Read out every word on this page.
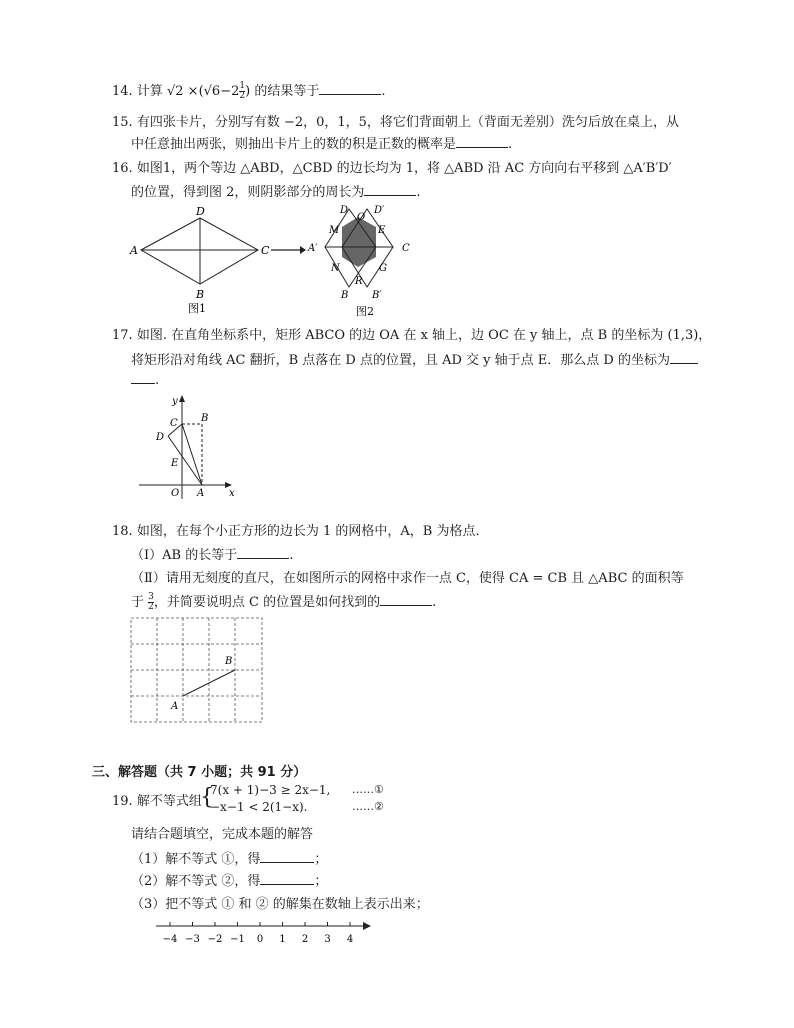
14. 计算 $√2 \times(√6-2 \frac{1}{2}$ ) 的结果等于	.
15. 有四张卡片，分别写有数 −2，0，1，5，将它们背面朝上（背面无差别）洗匀后放在桌上，从
中任意抽出两张，则抽出卡片上的数的积是正数的概率是	.
16. 如图1，两个等边 △ABD，△CBD 的边长均为 1，将 △ABD 沿 AC 方向向右平移到 △A′B′D′
的位置，得到图 2，则阴影部分的周长为	.
D
A	C
B
图1
D
O
D′
M	E
A′	C
N	G
R
B B′
图2
17. 如图. 在直角坐标系中，矩形 ABCO 的边 OA 在 x 轴上，边 OC 在 y 轴上，点 B 的坐标为 (1,3)，
将矩形沿对角线 AC 翻折，B 点落在 D 点的位置，且 AD 交 y 轴于点 E．那么点 D 的坐标为
.
y
x
B
C
D
E
O A
18. 如图，在每个小正方形的边长为 1 的网格中，A，B 为格点．
（Ⅰ）AB 的长等于	.
（Ⅱ）请用无刻度的直尺，在如图所示的网格中求作一点 C，使得 CA = CB 且 △ABC 的面积等
于 $\frac{3}{2}$ ，并简要说明点 C 的位置是如何找到的	.
A
B
三、解答题（共 7 小题；共 91 分）
19. 解不等式组
{
7(x + 1)−3 ≥ 2x−1,
−x−1 < 2(1−x).
……①
……②
请结合题填空，完成本题的解答
（1）解不等式 ①，得	；
（2）解不等式 ②，得	；
（3）把不等式 ① 和 ② 的解集在数轴上表示出来；
−4 −3 −2 −1 0 1 2 3 4
